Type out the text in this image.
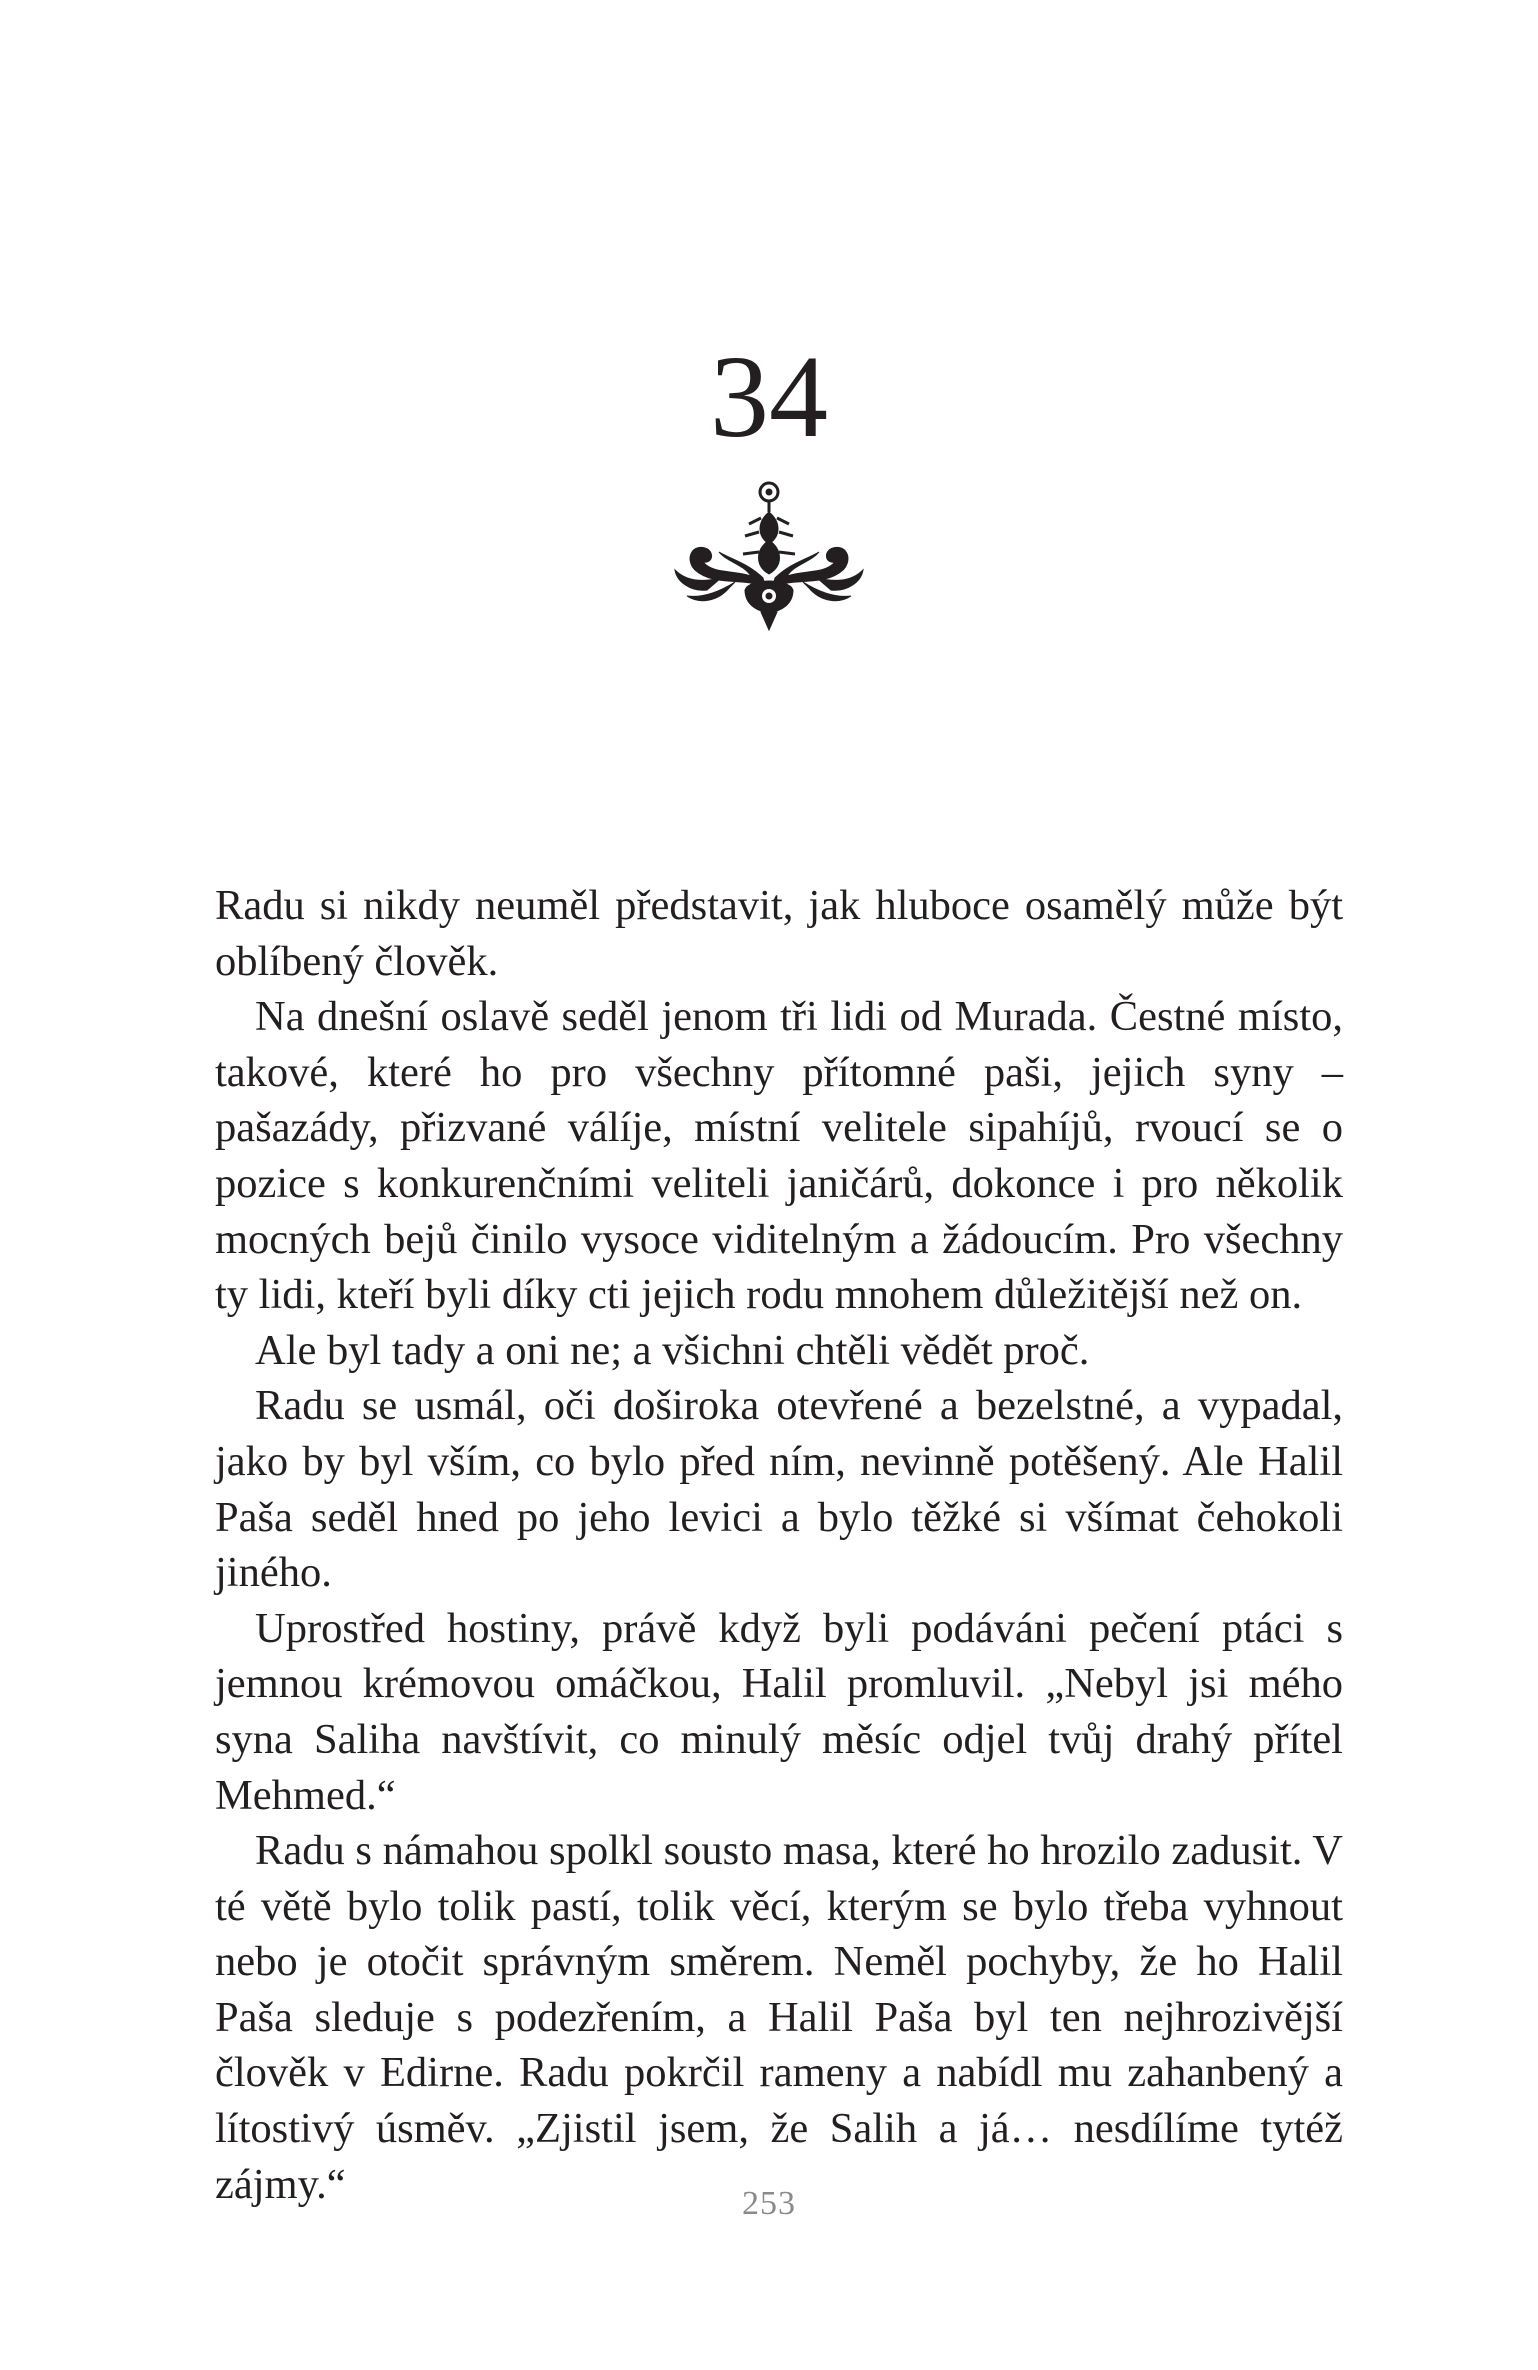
34

Radu si nikdy neuměl představit, jak hluboce osamělý může být oblíbený člověk.

Na dnešní oslavě seděl jenom tři lidi od Murada. Čestné místo, takové, které ho pro všechny přítomné paši, jejich syny – pašazády, přizvané válíje, místní velitele sipahíjů, rvoucí se o pozice s konkurenčními veliteli janičárů, dokonce i pro několik mocných bejů činilo vysoce viditelným a žádoucím. Pro všechny ty lidi, kteří byli díky cti jejich rodu mnohem důležitější než on.

Ale byl tady a oni ne; a všichni chtěli vědět proč.

Radu se usmál, oči doširoka otevřené a bezelstné, a vypadal, jako by byl vším, co bylo před ním, nevinně potěšený. Ale Halil Paša seděl hned po jeho levici a bylo těžké si všímat čehokoli jiného.

Uprostřed hostiny, právě když byli podáváni pečení ptáci s jemnou krémovou omáčkou, Halil promluvil. „Nebyl jsi mého syna Saliha navštívit, co minulý měsíc odjel tvůj drahý přítel Mehmed.“

Radu s námahou spolkl sousto masa, které ho hrozilo zadusit. V té větě bylo tolik pastí, tolik věcí, kterým se bylo třeba vyhnout nebo je otočit správným směrem. Neměl pochyby, že ho Halil Paša sleduje s podezřením, a Halil Paša byl ten nejhrozivější člověk v Edirne. Radu pokrčil rameny a nabídl mu zahanbený a lítostivý úsměv. „Zjistil jsem, že Salih a já… nesdílíme tytéž zájmy.“	253
